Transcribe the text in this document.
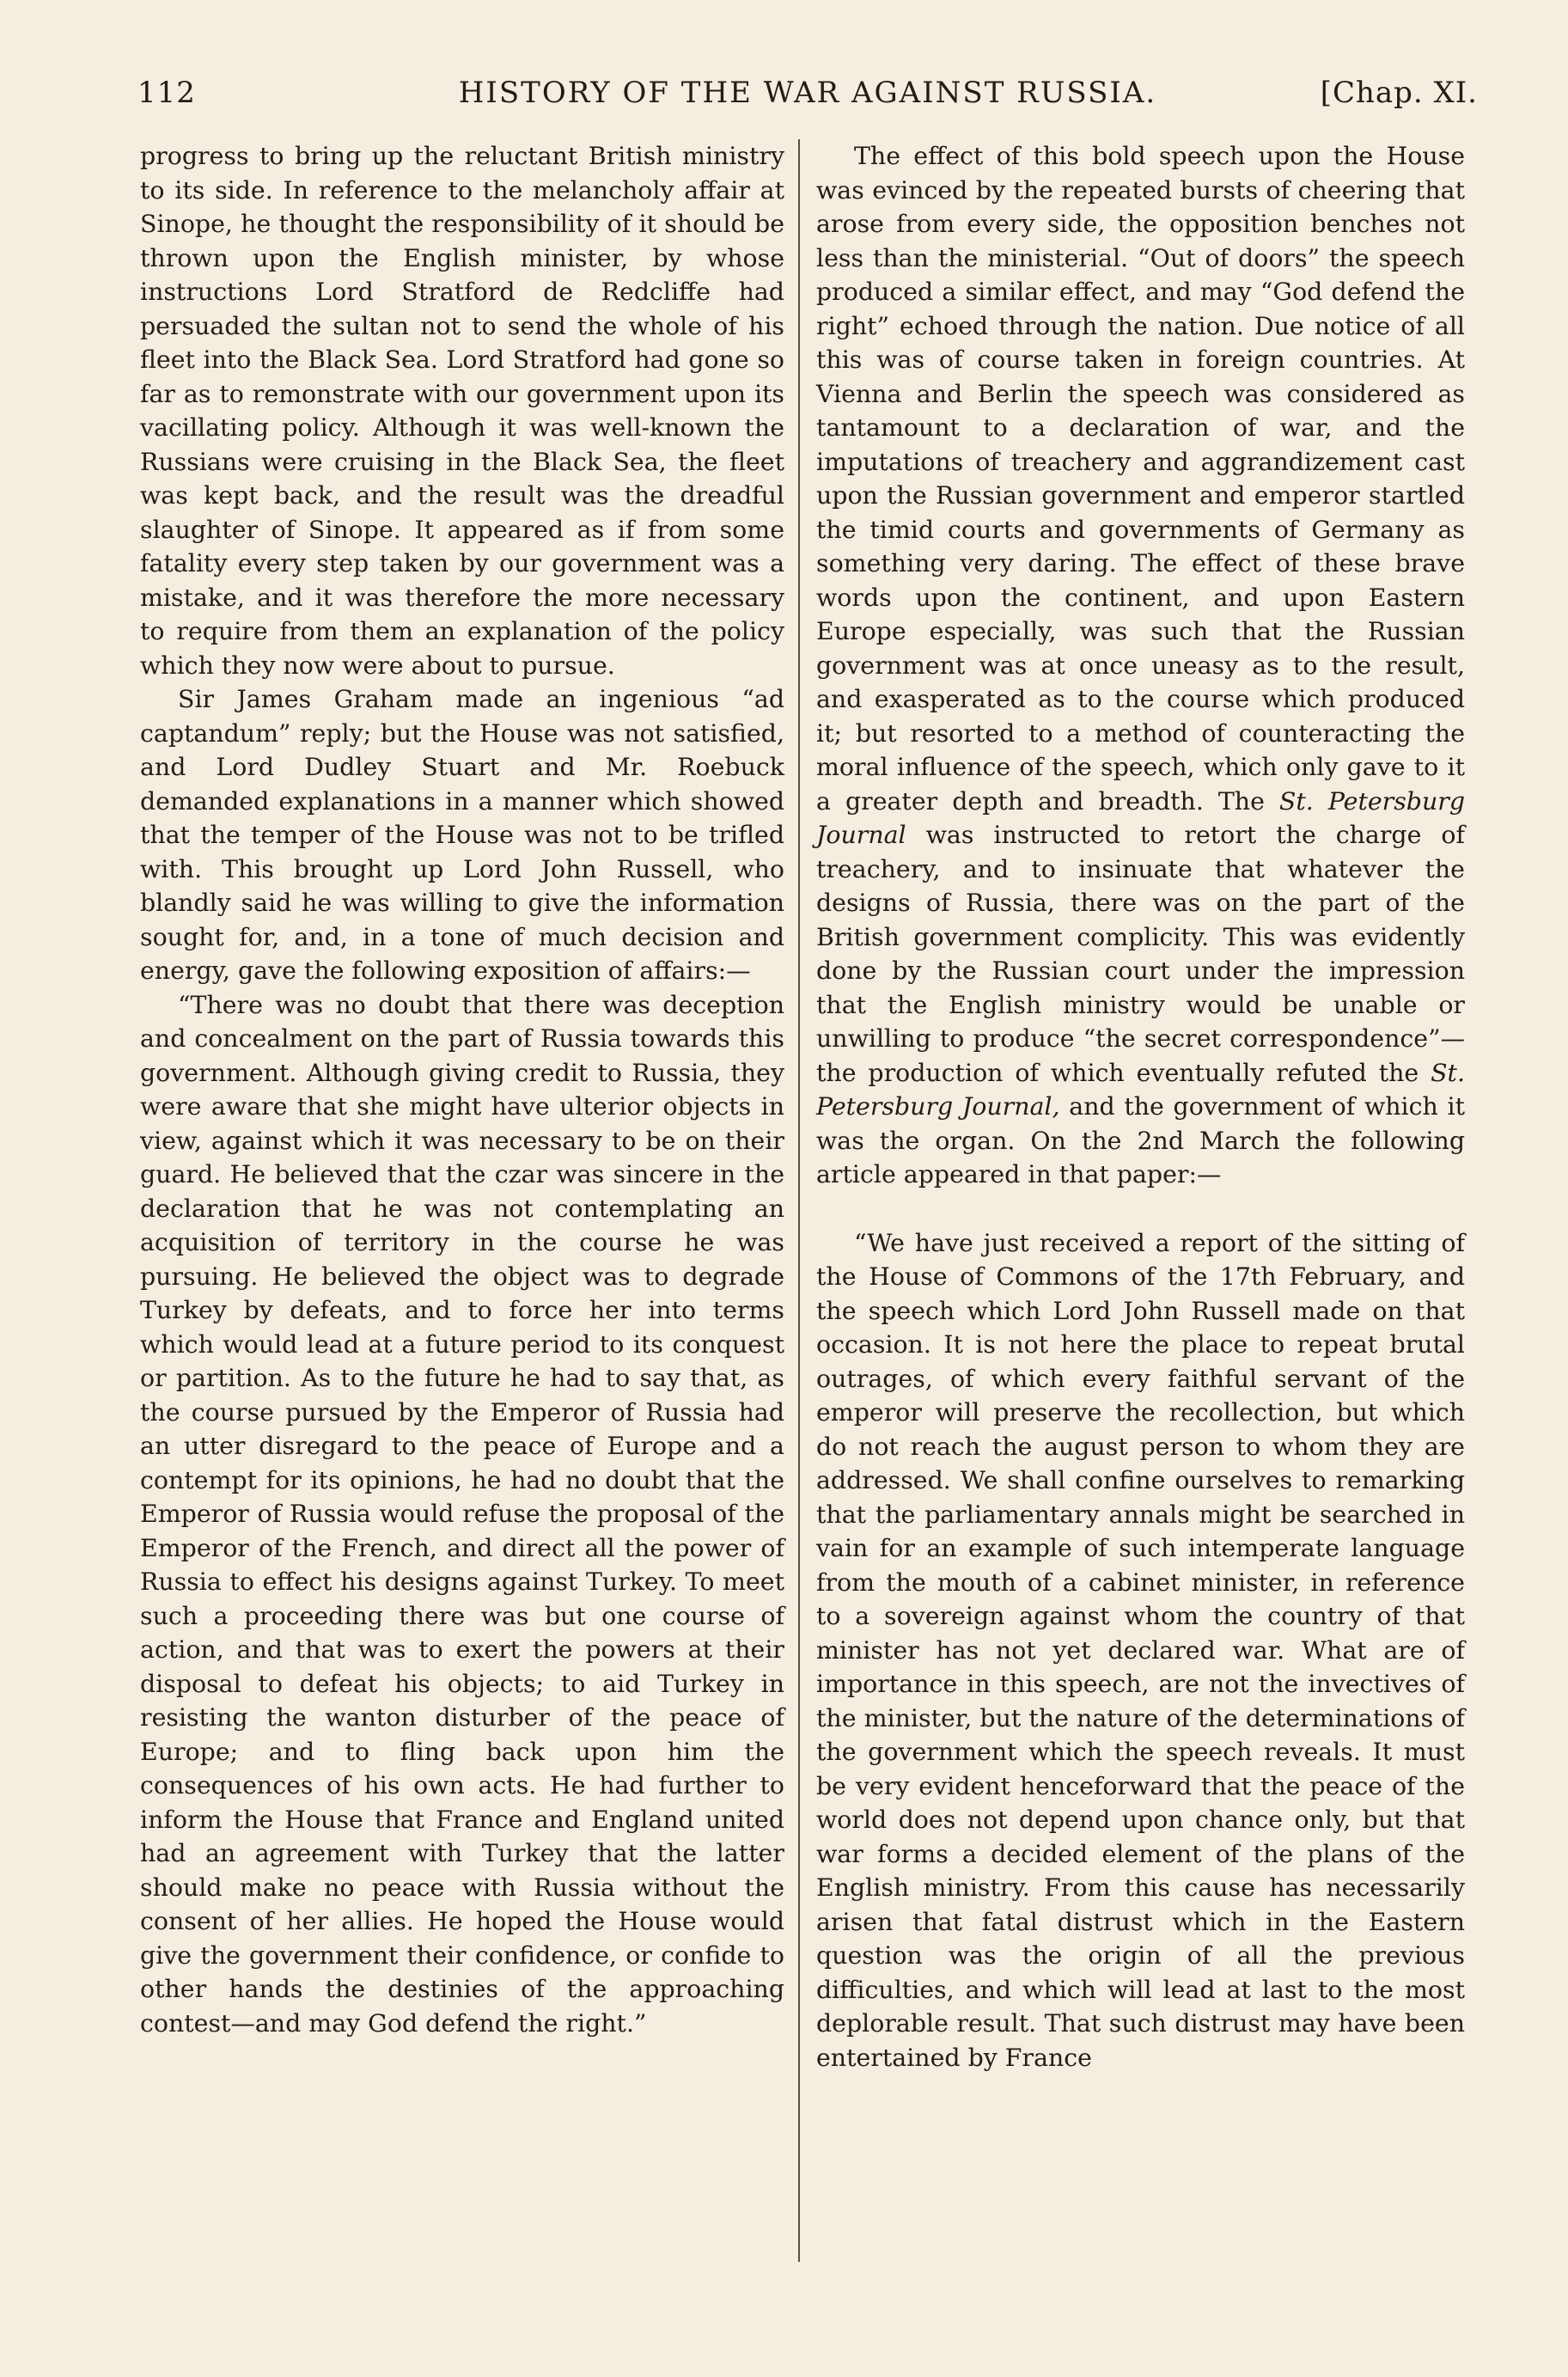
112	HISTORY OF THE WAR AGAINST RUSSIA.	[Chap. XI.

progress to bring up the reluctant British ministry to its side. In reference to the melancholy affair at Sinope, he thought the responsibility of it should be thrown upon the English minister, by whose instructions Lord Stratford de Redcliffe had persuaded the sultan not to send the whole of his fleet into the Black Sea. Lord Stratford had gone so far as to remonstrate with our government upon its vacillating policy. Although it was well-known the Russians were cruising in the Black Sea, the fleet was kept back, and the result was the dreadful slaughter of Sinope. It appeared as if from some fatality every step taken by our government was a mistake, and it was therefore the more necessary to require from them an explanation of the policy which they now were about to pursue.

Sir James Graham made an ingenious “ad captandum” reply; but the House was not satisfied, and Lord Dudley Stuart and Mr. Roebuck demanded explanations in a manner which showed that the temper of the House was not to be trifled with. This brought up Lord John Russell, who blandly said he was willing to give the information sought for, and, in a tone of much decision and energy, gave the following exposition of affairs:—

“There was no doubt that there was deception and concealment on the part of Russia towards this government. Although giving credit to Russia, they were aware that she might have ulterior objects in view, against which it was necessary to be on their guard. He believed that the czar was sincere in the declaration that he was not contemplating an acquisition of territory in the course he was pursuing. He believed the object was to degrade Turkey by defeats, and to force her into terms which would lead at a future period to its conquest or partition. As to the future he had to say that, as the course pursued by the Emperor of Russia had an utter disregard to the peace of Europe and a contempt for its opinions, he had no doubt that the Emperor of Russia would refuse the proposal of the Emperor of the French, and direct all the power of Russia to effect his designs against Turkey. To meet such a proceeding there was but one course of action, and that was to exert the powers at their disposal to defeat his objects; to aid Turkey in resisting the wanton disturber of the peace of Europe; and to fling back upon him the consequences of his own acts. He had further to inform the House that France and England united had an agreement with Turkey that the latter should make no peace with Russia without the consent of her allies. He hoped the House would give the government their confidence, or confide to other hands the destinies of the approaching contest—and may God defend the right.”

The effect of this bold speech upon the House was evinced by the repeated bursts of cheering that arose from every side, the opposition benches not less than the ministerial. “Out of doors” the speech produced a similar effect, and may “God defend the right” echoed through the nation. Due notice of all this was of course taken in foreign countries. At Vienna and Berlin the speech was considered as tantamount to a declaration of war, and the imputations of treachery and aggrandizement cast upon the Russian government and emperor startled the timid courts and governments of Germany as something very daring. The effect of these brave words upon the continent, and upon Eastern Europe especially, was such that the Russian government was at once uneasy as to the result, and exasperated as to the course which produced it; but resorted to a method of counteracting the moral influence of the speech, which only gave to it a greater depth and breadth. The St. Petersburg Journal was instructed to retort the charge of treachery, and to insinuate that whatever the designs of Russia, there was on the part of the British government complicity. This was evidently done by the Russian court under the impression that the English ministry would be unable or unwilling to produce “the secret correspondence”—the production of which eventually refuted the St. Petersburg Journal, and the government of which it was the organ. On the 2nd March the following article appeared in that paper:—

“We have just received a report of the sitting of the House of Commons of the 17th February, and the speech which Lord John Russell made on that occasion. It is not here the place to repeat brutal outrages, of which every faithful servant of the emperor will preserve the recollection, but which do not reach the august person to whom they are addressed. We shall confine ourselves to remarking that the parliamentary annals might be searched in vain for an example of such intemperate language from the mouth of a cabinet minister, in reference to a sovereign against whom the country of that minister has not yet declared war. What are of importance in this speech, are not the invectives of the minister, but the nature of the determinations of the government which the speech reveals. It must be very evident henceforward that the peace of the world does not depend upon chance only, but that war forms a decided element of the plans of the English ministry. From this cause has necessarily arisen that fatal distrust which in the Eastern question was the origin of all the previous difficulties, and which will lead at last to the most deplorable result. That such distrust may have been entertained by France
